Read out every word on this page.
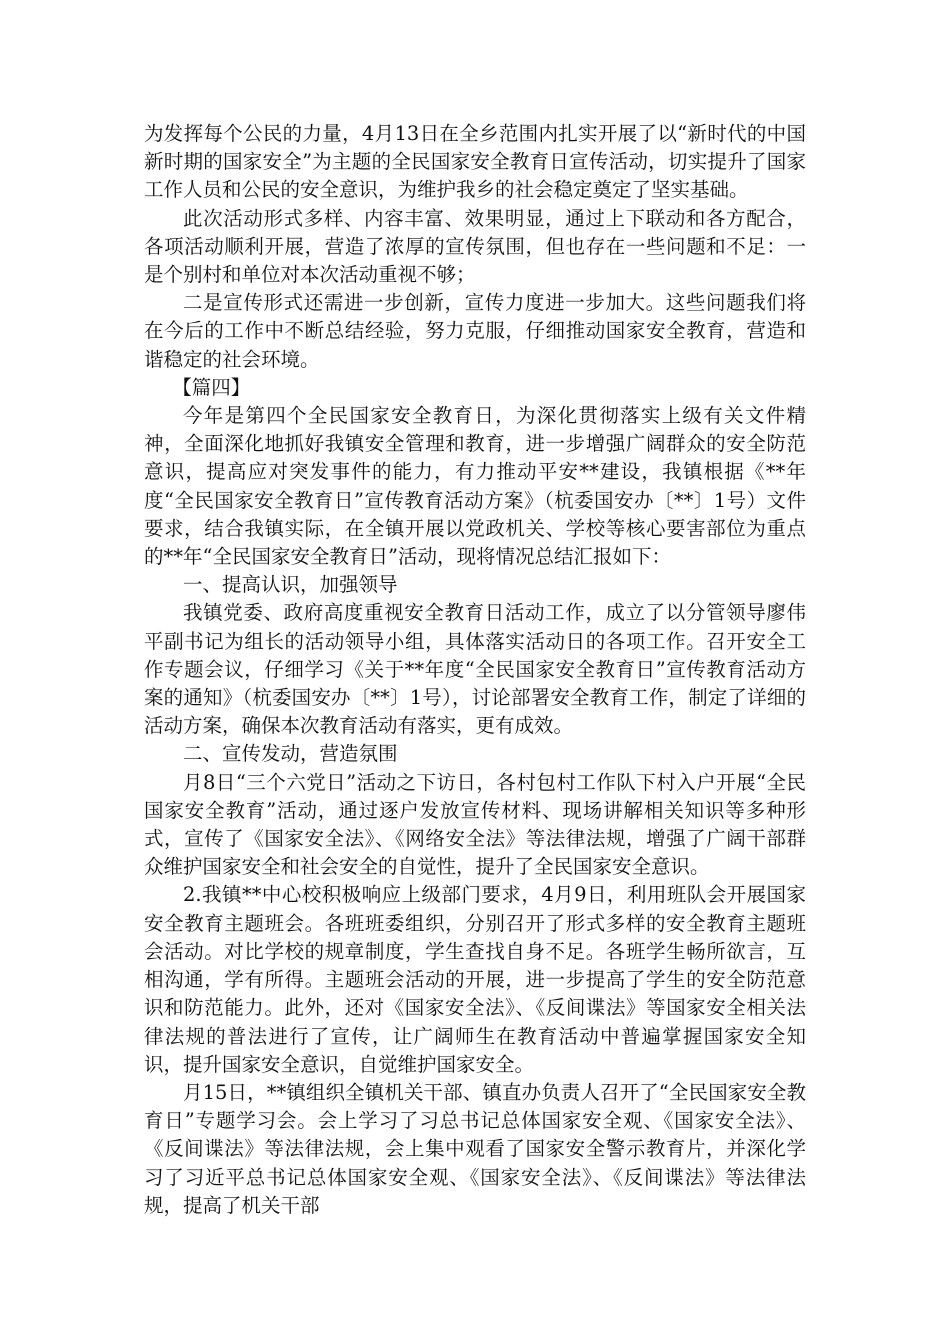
为发挥每个公民的力量，4月13日在全乡范围内扎实开展了以“新时代的中国新时期的国家安全”为主题的全民国家安全教育日宣传活动，切实提升了国家工作人员和公民的安全意识，为维护我乡的社会稳定奠定了坚实基础。

此次活动形式多样、内容丰富、效果明显，通过上下联动和各方配合，各项活动顺利开展，营造了浓厚的宣传氛围，但也存在一些问题和不足：一是个别村和单位对本次活动重视不够；

二是宣传形式还需进一步创新，宣传力度进一步加大。这些问题我们将在今后的工作中不断总结经验，努力克服，仔细推动国家安全教育，营造和谐稳定的社会环境。

【篇四】

今年是第四个全民国家安全教育日，为深化贯彻落实上级有关文件精神，全面深化地抓好我镇安全管理和教育，进一步增强广阔群众的安全防范意识，提高应对突发事件的能力，有力推动平安**建设，我镇根据《**年度“全民国家安全教育日”宣传教育活动方案》（杭委国安办〔**〕1号）文件要求，结合我镇实际，在全镇开展以党政机关、学校等核心要害部位为重点的**年“全民国家安全教育日”活动，现将情况总结汇报如下：

一、提高认识，加强领导

我镇党委、政府高度重视安全教育日活动工作，成立了以分管领导廖伟平副书记为组长的活动领导小组，具体落实活动日的各项工作。召开安全工作专题会议，仔细学习《关于**年度“全民国家安全教育日”宣传教育活动方案的通知》（杭委国安办〔**〕1号），讨论部署安全教育工作，制定了详细的活动方案，确保本次教育活动有落实，更有成效。

二、宣传发动，营造氛围

月8日“三个六党日”活动之下访日，各村包村工作队下村入户开展“全民国家安全教育”活动，通过逐户发放宣传材料、现场讲解相关知识等多种形式，宣传了《国家安全法》、《网络安全法》等法律法规，增强了广阔干部群众维护国家安全和社会安全的自觉性，提升了全民国家安全意识。

2.我镇**中心校积极响应上级部门要求，4月9日，利用班队会开展国家安全教育主题班会。各班班委组织，分别召开了形式多样的安全教育主题班会活动。对比学校的规章制度，学生查找自身不足。各班学生畅所欲言，互相沟通，学有所得。主题班会活动的开展，进一步提高了学生的安全防范意识和防范能力。此外，还对《国家安全法》、《反间谍法》等国家安全相关法律法规的普法进行了宣传，让广阔师生在教育活动中普遍掌握国家安全知识，提升国家安全意识，自觉维护国家安全。

月15日，**镇组织全镇机关干部、镇直办负责人召开了“全民国家安全教育日”专题学习会。会上学习了习总书记总体国家安全观、《国家安全法》、《反间谍法》等法律法规，会上集中观看了国家安全警示教育片，并深化学习了习近平总书记总体国家安全观、《国家安全法》、《反间谍法》等法律法规，提高了机关干部
